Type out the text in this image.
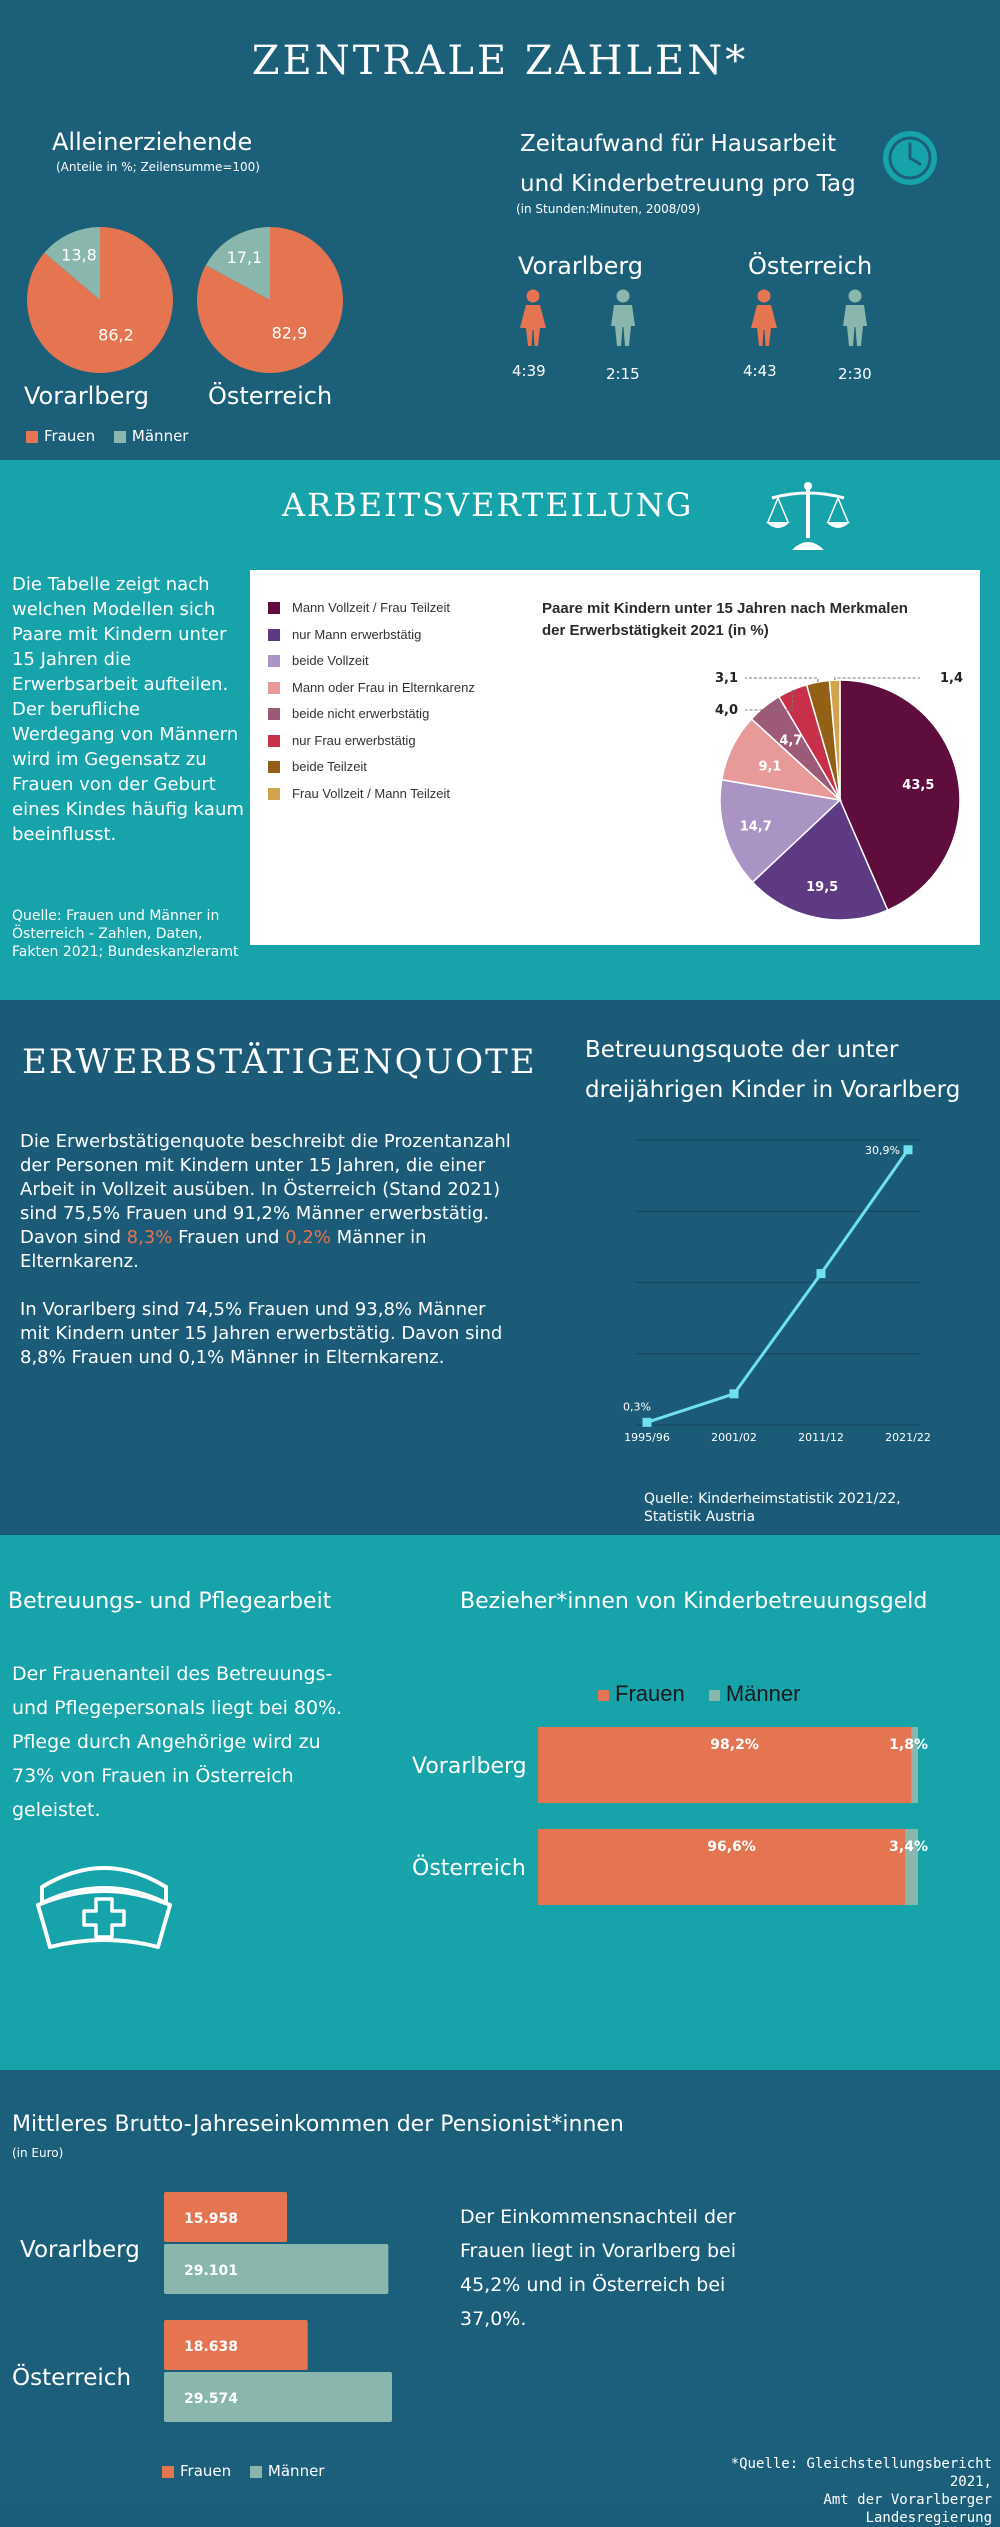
ZENTRALE ZAHLEN*
Alleinerziehende
(Anteile in %; Zeilensumme=100)
86,2
13,8
82,9
17,1
Vorarlberg Österreich
Frauen Männer
Zeitaufwand für Hausarbeit
und Kinderbetreuung pro Tag
(in Stunden:Minuten, 2008/09)
Vorarlberg	Österreich
4:39	2:15	4:43	2:30
ARBEITSVERTEILUNG
Die Tabelle zeigt nach welchen Modellen sich Paare mit Kindern unter 15 Jahren die Erwerbsarbeit aufteilen. Der berufliche Werdegang von Männern wird im Gegensatz zu Frauen von der Geburt eines Kindes häufig kaum beeinflusst.
Quelle: Frauen und Männer in Österreich - Zahlen, Daten, Fakten 2021; Bundeskanzleramt
Mann Vollzeit / Frau Teilzeit
nur Mann erwerbstätig
beide Vollzeit
Mann oder Frau in Elternkarenz
beide nicht erwerbstätig
nur Frau erwerbstätig
beide Teilzeit
Frau Vollzeit / Mann Teilzeit
Paare mit Kindern unter 15 Jahren nach Merkmalen
der Erwerbstätigkeit 2021 (in %)
43,5
19,5
14,7
9,1
4,7
4,0
3,1	1,4
ERWERBSTÄTIGENQUOTE

Die Erwerbstätigenquote beschreibt die Prozentanzahl der Personen mit Kindern unter 15 Jahren, die einer Arbeit in Vollzeit ausüben. In Österreich (Stand 2021) sind 75,5% Frauen und 91,2% Männer erwerbstätig. Davon sind 8,3% Frauen und 0,2% Männer in Elternkarenz.

In Vorarlberg sind 74,5% Frauen und 93,8% Männer mit Kindern unter 15 Jahren erwerbstätig. Davon sind 8,8% Frauen und 0,1% Männer in Elternkarenz.

Betreuungsquote der unter
dreijährigen Kinder in Vorarlberg
0,3%
1995/96	2001/02	2011/12
30,9%
2021/22
Quelle: Kinderheimstatistik 2021/22,
Statistik Austria
Betreuungs- und Pflegearbeit
Der Frauenanteil des Betreuungs- und Pflegepersonals liegt bei 80%. Pflege durch Angehörige wird zu 73% von Frauen in Österreich geleistet.
Bezieher*innen von Kinderbetreuungsgeld
Frauen Männer
Vorarlberg
98,2%	1,8%
Österreich
96,6%	3,4%
Mittleres Brutto-Jahreseinkommen der Pensionist*innen
(in Euro)
Vorarlberg
15.958
29.101
Österreich
18.638
29.574
Der Einkommensnachteil der Frauen liegt in Vorarlberg bei 45,2% und in Österreich bei 37,0%.
Frauen Männer	*Quelle: Gleichstellungsbericht 2021,
Amt der Vorarlberger Landesregierung
